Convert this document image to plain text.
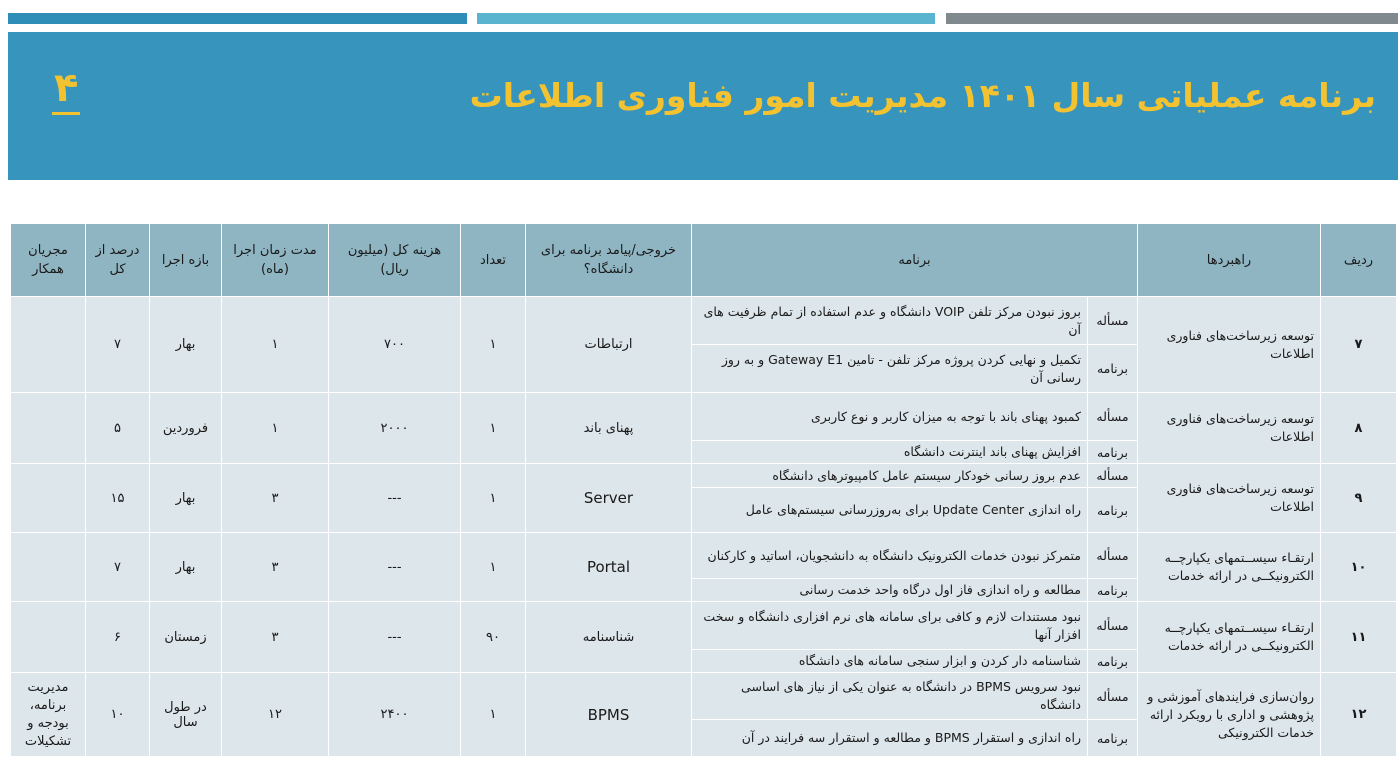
برنامه عملیاتی سال ۱۴۰۱ مدیریت امور فناوری اطلاعات
۴
ردیف	راهبردها	برنامه		خروجی/پیامد برنامه برای دانشگاه؟	تعداد	هزینه کل (میلیون ریال)	مدت زمان اجرا (ماه)	بازه اجرا	درصد از کل	مجریان همکار
۷	توسعه زیرساخت‌های فناوری اطلاعات	مسأله	بروز نبودن مرکز تلفن VOIP دانشگاه و عدم استفاده از تمام ظرفیت های آن	ارتباطات	۱	۷۰۰	۱	بهار	۷	
		برنامه	تکمیل و نهایی کردن پروژه مرکز تلفن - تامین Gateway E1 و به روز رسانی آن							
۸	توسعه زیرساخت‌های فناوری اطلاعات	مسأله	کمبود پهنای باند با توجه به میزان کاربر و نوع کاربری	پهنای باند	۱	۲۰۰۰	۱	فروردین	۵	
		برنامه	افزایش پهنای باند اینترنت دانشگاه							
۹	توسعه زیرساخت‌های فناوری اطلاعات	مسأله	عدم بروز رسانی خودکار سیستم عامل کامپیوترهای دانشگاه	Server	۱	---	۳	بهار	۱۵	
		برنامه	راه اندازی Update Center برای به‌روزرسانی سیستم‌های عامل							
۱۰	ارتقـاء سیســتمهای یکپارچــه الکترونیکــی در ارائه خدمات	مسأله	متمرکز نبودن خدمات الکترونیک دانشگاه به دانشجویان، اساتید و کارکنان	Portal	۱	---	۳	بهار	۷	
		برنامه	مطالعه و راه اندازی فاز اول درگاه واحد خدمت رسانی							
۱۱	ارتقـاء سیســتمهای یکپارچــه الکترونیکــی در ارائه خدمات	مسأله	نبود مستندات لازم و کافی برای سامانه های نرم افزاری دانشگاه و سخت افزار آنها	شناسنامه	۹۰	---	۳	زمستان	۶	
		برنامه	شناسنامه دار کردن و ابزار سنجی سامانه های دانشگاه							
۱۲	روان‌سازی فرایندهای آموزشی و پژوهشی و اداری با رویکرد ارائه خدمات الکترونیکی	مسأله	نبود سرویس BPMS در دانشگاه به عنوان یکی از نیاز های اساسی دانشگاه	BPMS	۱	۲۴۰۰	۱۲	در طول سال	۱۰	مدیریت برنامه، بودجه و تشکیلات
		برنامه	راه اندازی و استقرار BPMS و مطالعه و استقرار سه فرایند در آن							
